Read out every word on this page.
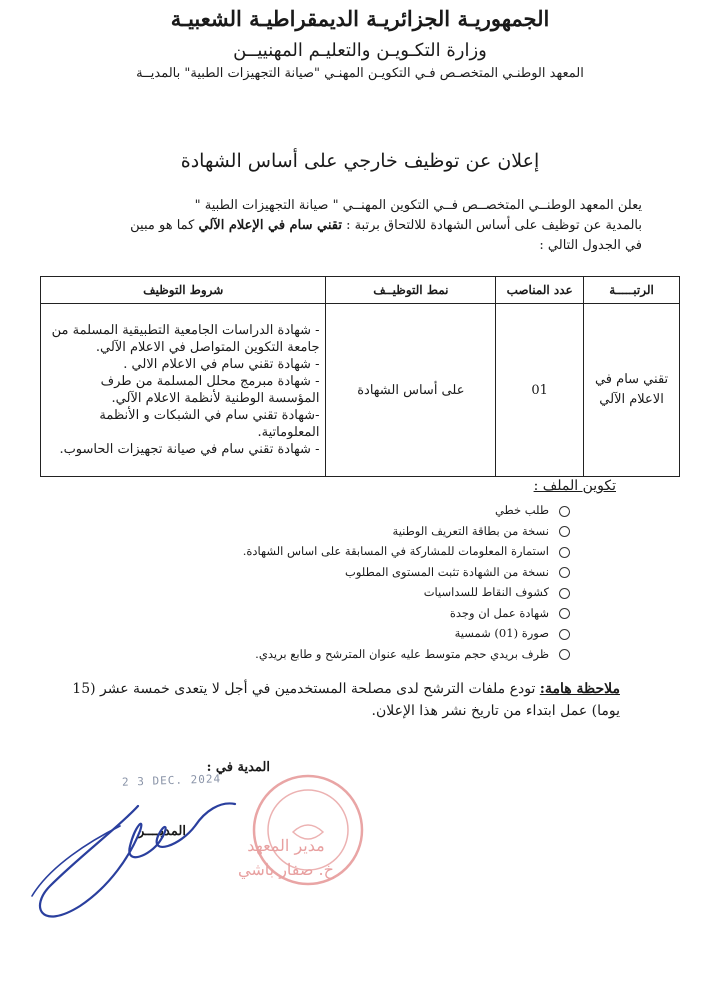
الجمهوريـة الجزائريـة الديمقراطيـة الشعبيـة
وزارة التكـويـن والتعليـم المهنييــن
المعهد الوطنـي المتخصـص فـي التكويـن المهنـي "صيانة التجهيزات الطبية" بالمديــة
إعلان عن توظيف خارجي على أساس الشهادة
يعلن المعهد الوطنــي المتخصــص فــي التكوين المهنــي " صيانة التجهيزات الطبية "
بالمدية عن توظيف على أساس الشهادة للالتحاق برتبة : تقني سام في الإعلام الآلي كما هو مبين
في الجدول التالي :
الرتبـــــة	عدد المناصب	نمط التوظيــف	شروط التوظيف
تقني سام في الاعلام الآلي	01	على أساس الشهادة	- شهادة الدراسات الجامعية التطبيقية المسلمة من جامعة التكوين المتواصل في الاعلام الآلي.
- شهادة تقني سام في الاعلام الالي .
- شهادة مبرمج محلل المسلمة من طرف المؤسسة الوطنية لأنظمة الاعلام الآلي.
-شهادة تقني سام في الشبكات و الأنظمة المعلوماتية.
- شهادة تقني سام في صيانة تجهيزات الحاسوب.
تكوين الملف :
طلب خطي
نسخة من بطاقة التعريف الوطنية
استمارة المعلومات للمشاركة في المسابقة على اساس الشهادة.
نسخة من الشهادة تثبت المستوى المطلوب
كشوف النقاط للسداسيات
شهادة عمل ان وجدة
صورة (01) شمسية
ظرف بريدي حجم متوسط عليه عنوان المترشح و طابع بريدي.
ملاحظة هامة: تودع ملفات الترشح لدى مصلحة المستخدمين في أجل لا يتعدى خمسة عشر (15 يوما) عمل ابتداء من تاريخ نشر هذا الإعلان.
المدية في :
2 3 DEC. 2024
المديــــر
مدير المعهد
خ. صفار باشي
